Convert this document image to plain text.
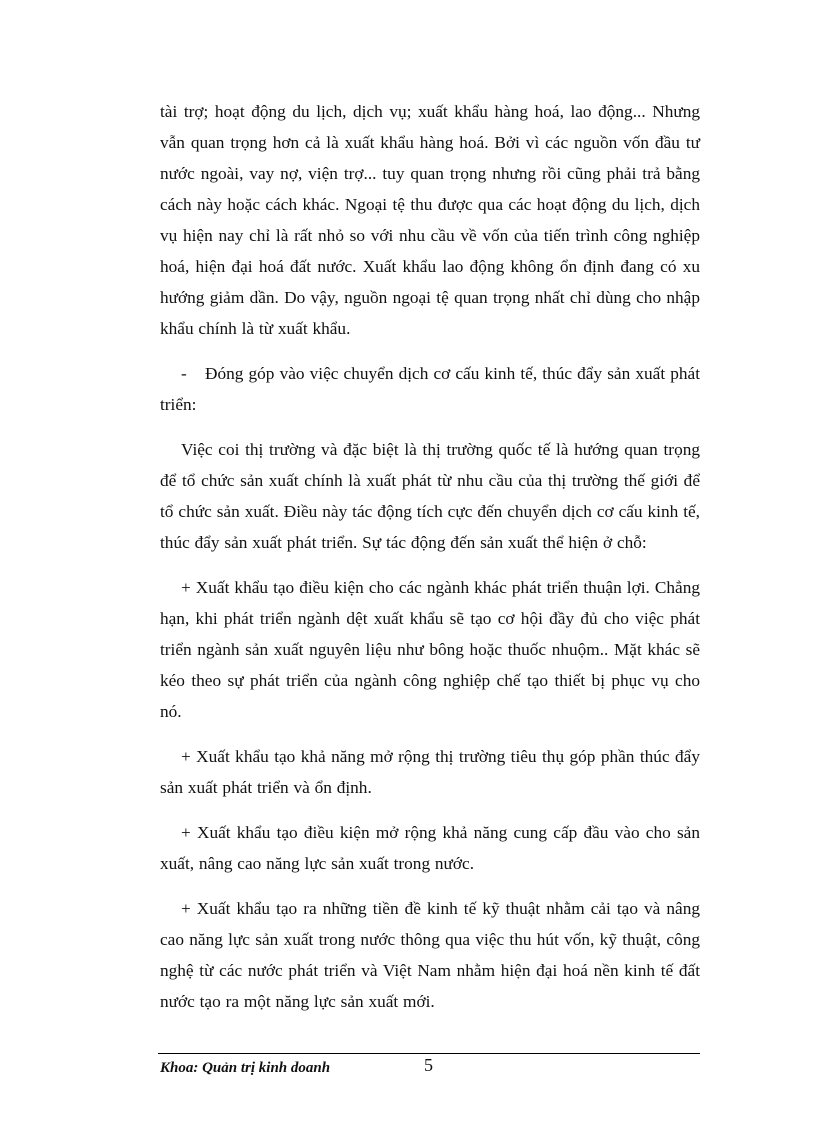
tài trợ; hoạt động du lịch, dịch vụ; xuất khẩu hàng hoá, lao động... Nhưng vẫn quan trọng hơn cả là xuất khẩu hàng hoá. Bởi vì các nguồn vốn đầu tư nước ngoài, vay nợ, viện trợ... tuy quan trọng nhưng rồi cũng phải trả bằng cách này hoặc cách khác. Ngoại tệ thu được qua các hoạt động du lịch, dịch vụ hiện nay chỉ là rất nhỏ so với nhu cầu về vốn của tiến trình công nghiệp hoá, hiện đại hoá đất nước. Xuất khẩu lao động không ổn định đang có xu hướng giảm dần. Do vậy, nguồn ngoại tệ quan trọng nhất chỉ dùng cho nhập khẩu chính là từ xuất khẩu.

- Đóng góp vào việc chuyển dịch cơ cấu kinh tế, thúc đẩy sản xuất phát triển:

Việc coi thị trường và đặc biệt là thị trường quốc tế là hướng quan trọng để tổ chức sản xuất chính là xuất phát từ nhu cầu của thị trường thế giới để tổ chức sản xuất. Điều này tác động tích cực đến chuyển dịch cơ cấu kinh tế, thúc đẩy sản xuất phát triển. Sự tác động đến sản xuất thể hiện ở chỗ:

+ Xuất khẩu tạo điều kiện cho các ngành khác phát triển thuận lợi. Chẳng hạn, khi phát triển ngành dệt xuất khẩu sẽ tạo cơ hội đầy đủ cho việc phát triển ngành sản xuất nguyên liệu như bông hoặc thuốc nhuộm.. Mặt khác sẽ kéo theo sự phát triển của ngành công nghiệp chế tạo thiết bị phục vụ cho nó.

+ Xuất khẩu tạo khả năng mở rộng thị trường tiêu thụ góp phần thúc đẩy sản xuất phát triển và ổn định.

+ Xuất khẩu tạo điều kiện mở rộng khả năng cung cấp đầu vào cho sản xuất, nâng cao năng lực sản xuất trong nước.

+ Xuất khẩu tạo ra những tiền đề kinh tế kỹ thuật nhằm cải tạo và nâng cao năng lực sản xuất trong nước thông qua việc thu hút vốn, kỹ thuật, công nghệ từ các nước phát triển và Việt Nam nhằm hiện đại hoá nền kinh tế đất nước tạo ra một năng lực sản xuất mới.

Khoa: Quản trị kinh doanh	5
